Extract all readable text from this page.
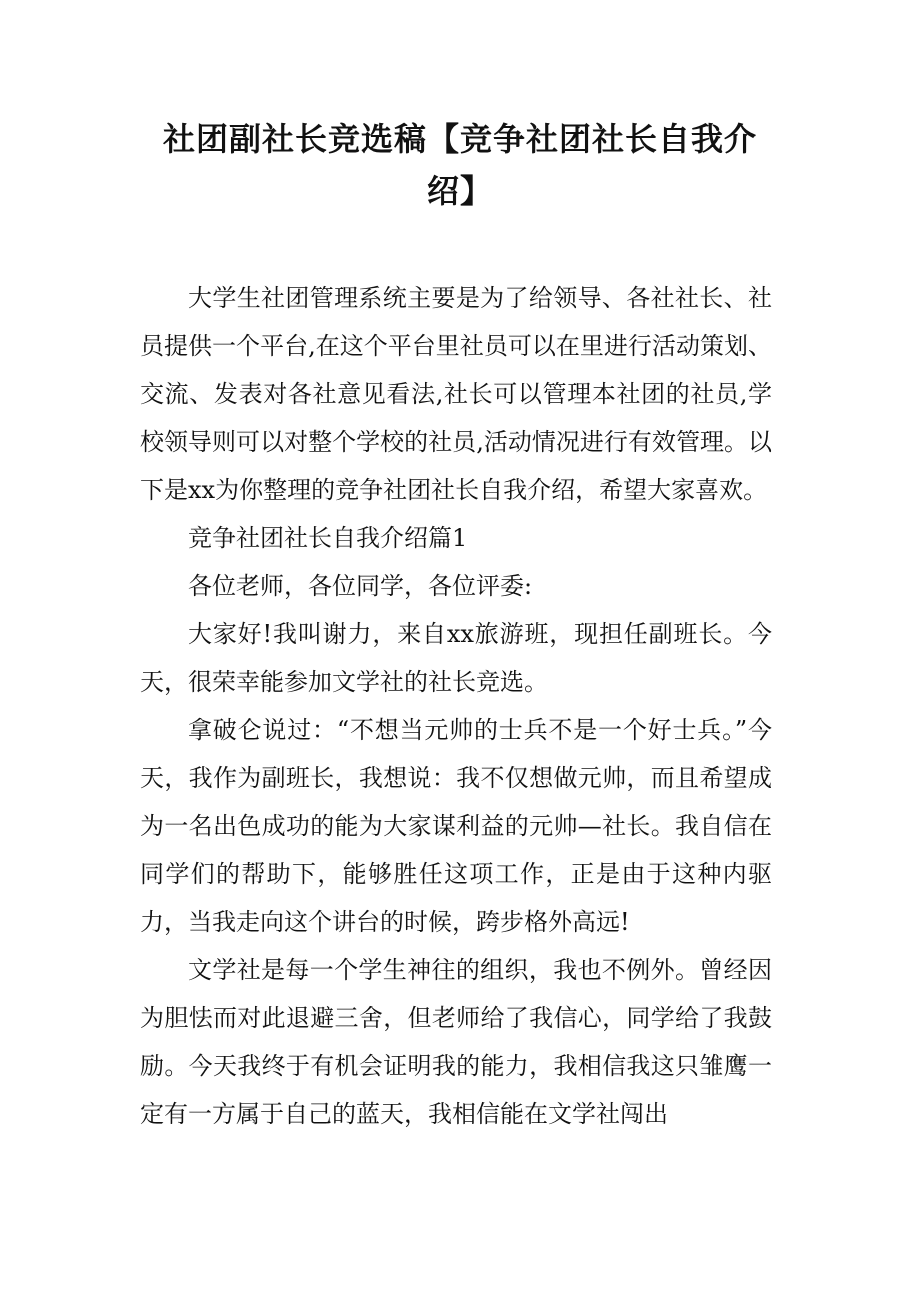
社团副社长竞选稿【竞争社团社长自我介绍】

大学生社团管理系统主要是为了给领导、各社社长、社员提供一个平台,在这个平台里社员可以在里进行活动策划、交流、发表对各社意见看法,社长可以管理本社团的社员,学校领导则可以对整个学校的社员,活动情况进行有效管理。以下是xx为你整理的竞争社团社长自我介绍，希望大家喜欢。

竞争社团社长自我介绍篇1

各位老师，各位同学，各位评委:

大家好!我叫谢力，来自xx旅游班，现担任副班长。今天，很荣幸能参加文学社的社长竞选。

拿破仑说过：“不想当元帅的士兵不是一个好士兵。”今天，我作为副班长，我想说：我不仅想做元帅，而且希望成为一名出色成功的能为大家谋利益的元帅—社长。我自信在同学们的帮助下，能够胜任这项工作，正是由于这种内驱力，当我走向这个讲台的时候，跨步格外高远!

文学社是每一个学生神往的组织，我也不例外。曾经因为胆怯而对此退避三舍，但老师给了我信心，同学给了我鼓励。今天我终于有机会证明我的能力，我相信我这只雏鹰一定有一方属于自己的蓝天，我相信能在文学社闯出
